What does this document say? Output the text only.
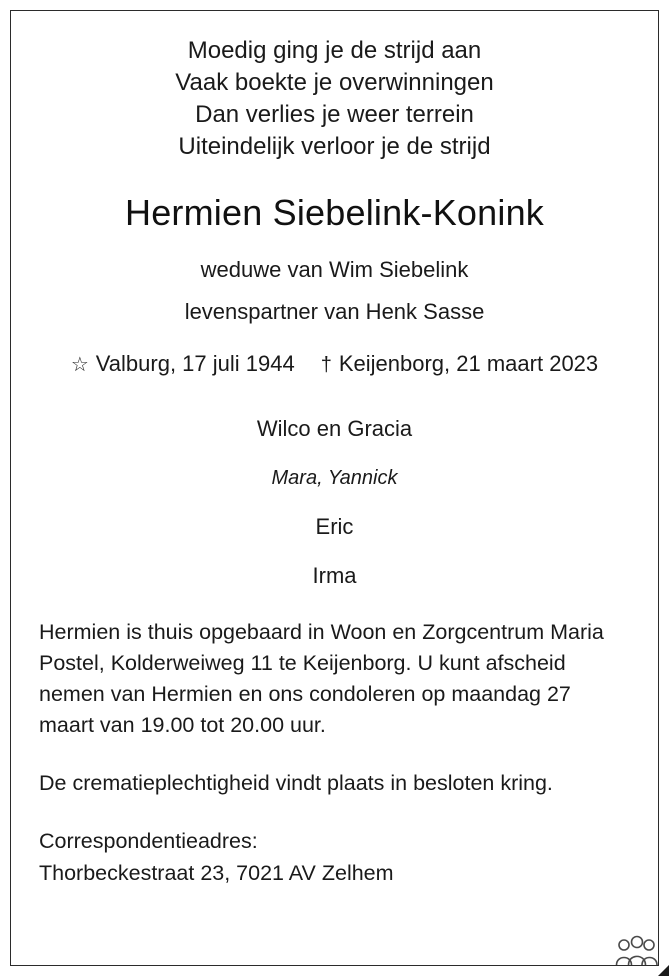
Moedig ging je de strijd aan
Vaak boekte je overwinningen
Dan verlies je weer terrein
Uiteindelijk verloor je de strijd
Hermien Siebelink-Konink
weduwe van Wim Siebelink
levenspartner van Henk Sasse
☆ Valburg, 17 juli 1944 † Keijenborg, 21 maart 2023
Wilco en Gracia
Mara, Yannick
Eric
Irma

Hermien is thuis opgebaard in Woon en Zorgcentrum Maria Postel, Kolderweiweg 11 te Keijenborg. U kunt afscheid nemen van Hermien en ons condoleren op maandag 27 maart van 19.00 tot 20.00 uur.

De crematieplechtigheid vindt plaats in besloten kring.

Correspondentieadres:
Thorbeckestraat 23, 7021 AV Zelhem
